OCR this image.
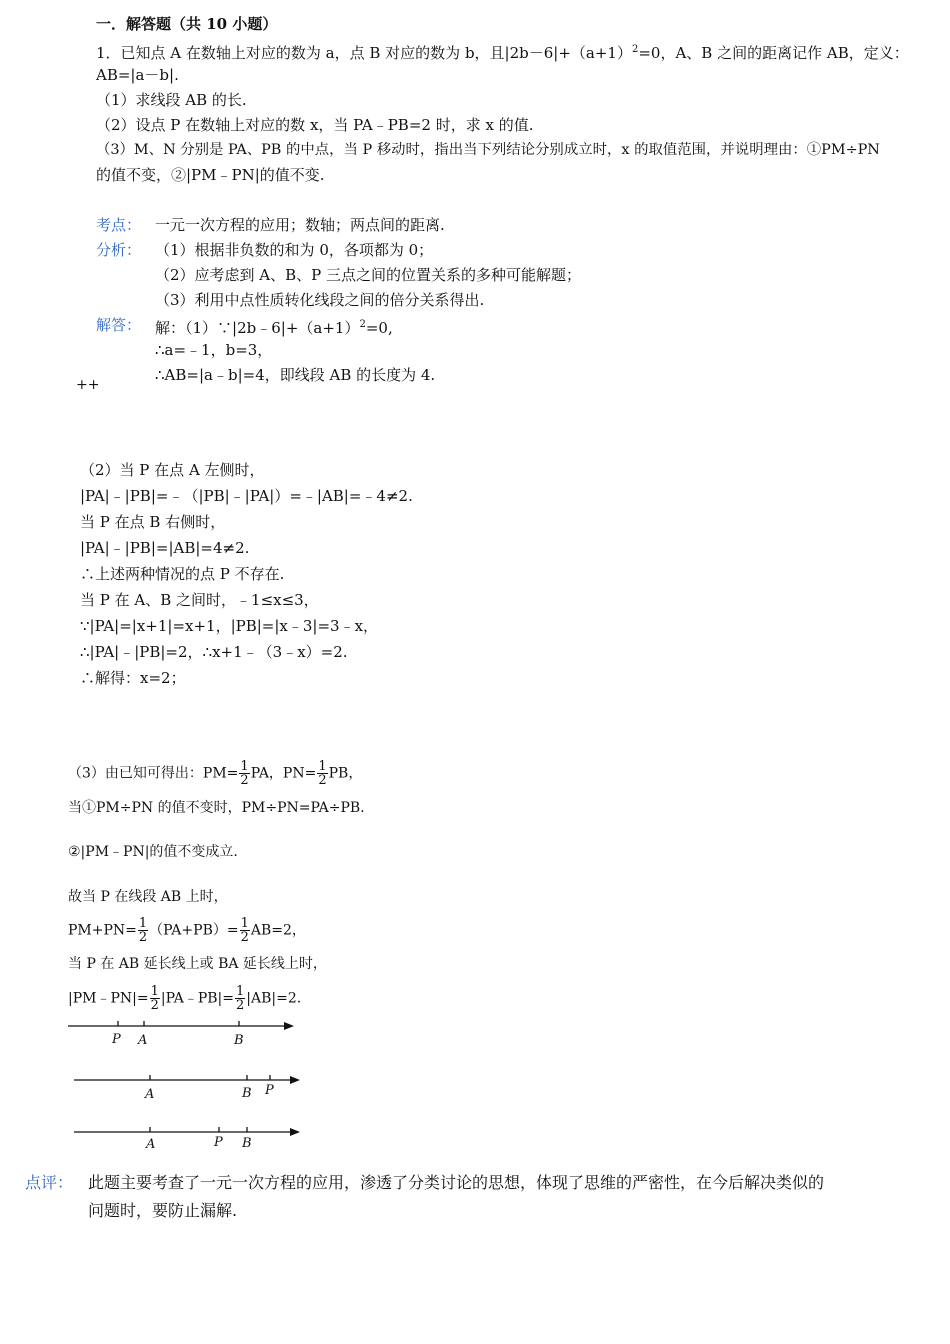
一．解答题（共 10 小题）
1．已知点 A 在数轴上对应的数为 a，点 B 对应的数为 b，且$|2b-6|+(a+1)^2=0$，A、B 之间的距离记作 AB，定义：
AB=|a－b|.
（1）求线段 AB 的长.
（2）设点 P 在数轴上对应的数 x，当 PA﹣PB=2 时，求 x 的值.
（3）M、N 分别是 PA、PB 的中点，当 P 移动时，指出当下列结论分别成立时，x 的取值范围，并说明理由：①PM÷PN
的值不变，②|PM﹣PN|的值不变.
考点： 一元一次方程的应用；数轴；两点间的距离.
分析： （1）根据非负数的和为 0，各项都为 0；
（2）应考虑到 A、B、P 三点之间的位置关系的多种可能解题；
（3）利用中点性质转化线段之间的倍分关系得出.
解答： 解：$(1)\because|2b﹣6|+(a+1)^2=0$,
∴a=﹣1，b=3，
∴AB=|a﹣b|=4，即线段 AB 的长度为 4.
++
（2）当 P 在点 A 左侧时，
|PA|﹣|PB|=﹣（|PB|﹣|PA|）=﹣|AB|=﹣4≠2.
当 P 在点 B 右侧时，
|PA|﹣|PB|=|AB|=4≠2.
∴上述两种情况的点 P 不存在.
当 P 在 A、B 之间时，﹣1≤x≤3，
∵|PA|=|x+1|=x+1，|PB|=|x﹣3|=3﹣x，
∴|PA|﹣|PB|=2，∴x+1﹣（3﹣x）=2.
∴解得：x=2；
（3）由已知可得出：$PM= \frac{1}{2}$ PA，$PN= \frac{1}{2}$ PB，
当①PM÷PN 的值不变时，PM÷PN=PA÷PB.
②|PM﹣PN|的值不变成立.
故当 P 在线段 AB 上时，
$PM+PN= \frac{1}{2} (PA+PB)= \frac{1}{2} AB=2$，
当 P 在 AB 延长线上或 BA 延长线上时，
|PM﹣PN|= $\frac{1}{2}$ |PA﹣PB|= $\frac{1}{2} |AB|=2$.
P A	B
A	B P
A	P B
点评： 此题主要考查了一元一次方程的应用，渗透了分类讨论的思想，体现了思维的严密性，在今后解决类似的
问题时，要防止漏解.
